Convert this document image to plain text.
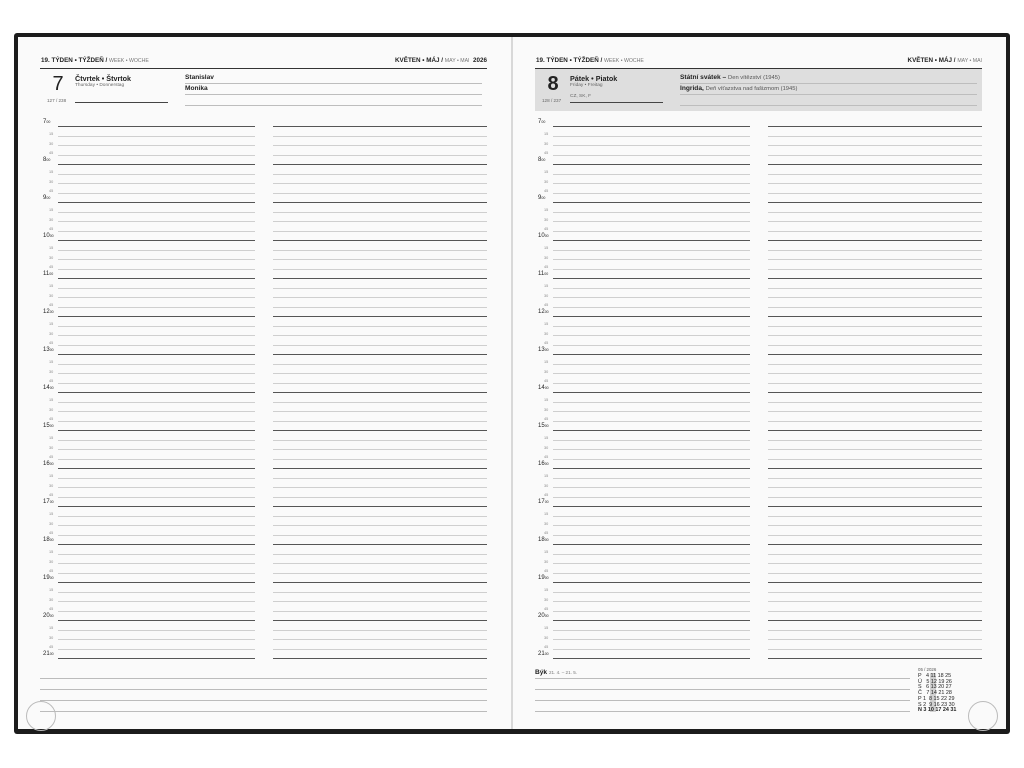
19. TÝDEN • TÝŽDEŇ / WEEK • WOCHE	KVĚTEN • MÁJ / MAY • MAI 2026
7
127 / 238
Čtvrtek • Štvrtok
Thursday • Donnerstag
Stanislav
Monika
$7^{00}$
15
30
45
$8^{00}$
15
30
45
$9^{00}$
15
30
45
$10^{00}$
15
30
45
$11^{00}$
15
30
45
$12^{00}$
15
30
45
$13^{00}$
15
30
45
$14^{00}$
15
30
45
$15^{00}$
15
30
45
$16^{00}$
15
30
45
$17^{00}$
15
30
45
$18^{00}$
15
30
45
$19^{00}$
15
30
45
$20^{00}$
15
30
45
$21^{00}$
19. TÝDEN • TÝŽDEŇ / WEEK • WOCHE	KVĚTEN • MÁJ / MAY • MAI
8
128 / 237
Pátek • Piatok
Friday • Freitag
CZ, SK, F
Státní svátek – Den vítězství (1945)
Ingrida, Deň víťazstva nad fašizmom (1945)
$7^{00}$
15
30
45
$8^{00}$
15
30
45
$9^{00}$
15
30
45
$10^{00}$
15
30
45
$11^{00}$
15
30
45
$12^{00}$
15
30
45
$13^{00}$
15
30
45
$14^{00}$
15
30
45
$15^{00}$
15
30
45
$16^{00}$
15
30
45
$17^{00}$
15
30
45
$18^{00}$
15
30
45
$19^{00}$
15
30
45
$20^{00}$
15
30
45
$21^{00}$
Býk 21. 4. – 21. 5.
05 / 2026
P   4 11 18 25
Ú   5 12 19 26
S   6 13 20 27
Č   7 14 21 28
P 1  8 15 22 29
S 2  9 16 23 30
N 3 10 17 24 31
